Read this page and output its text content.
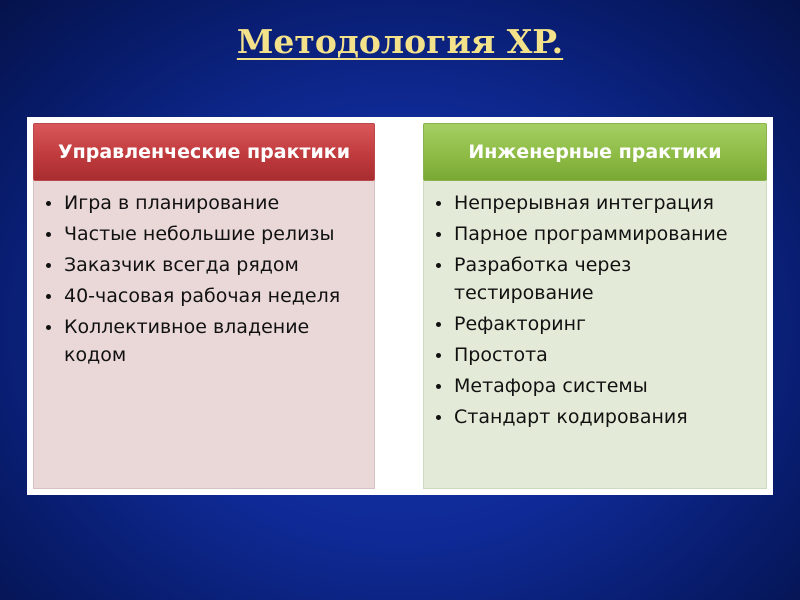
Методология XP.
Управленческие практики
Игра в планирование
Частые небольшие релизы
Заказчик всегда рядом
40-часовая рабочая неделя
Коллективное владение кодом
Инженерные практики
Непрерывная интеграция
Парное программирование
Разработка через тестирование
Рефакторинг
Простота
Метафора системы
Стандарт кодирования
